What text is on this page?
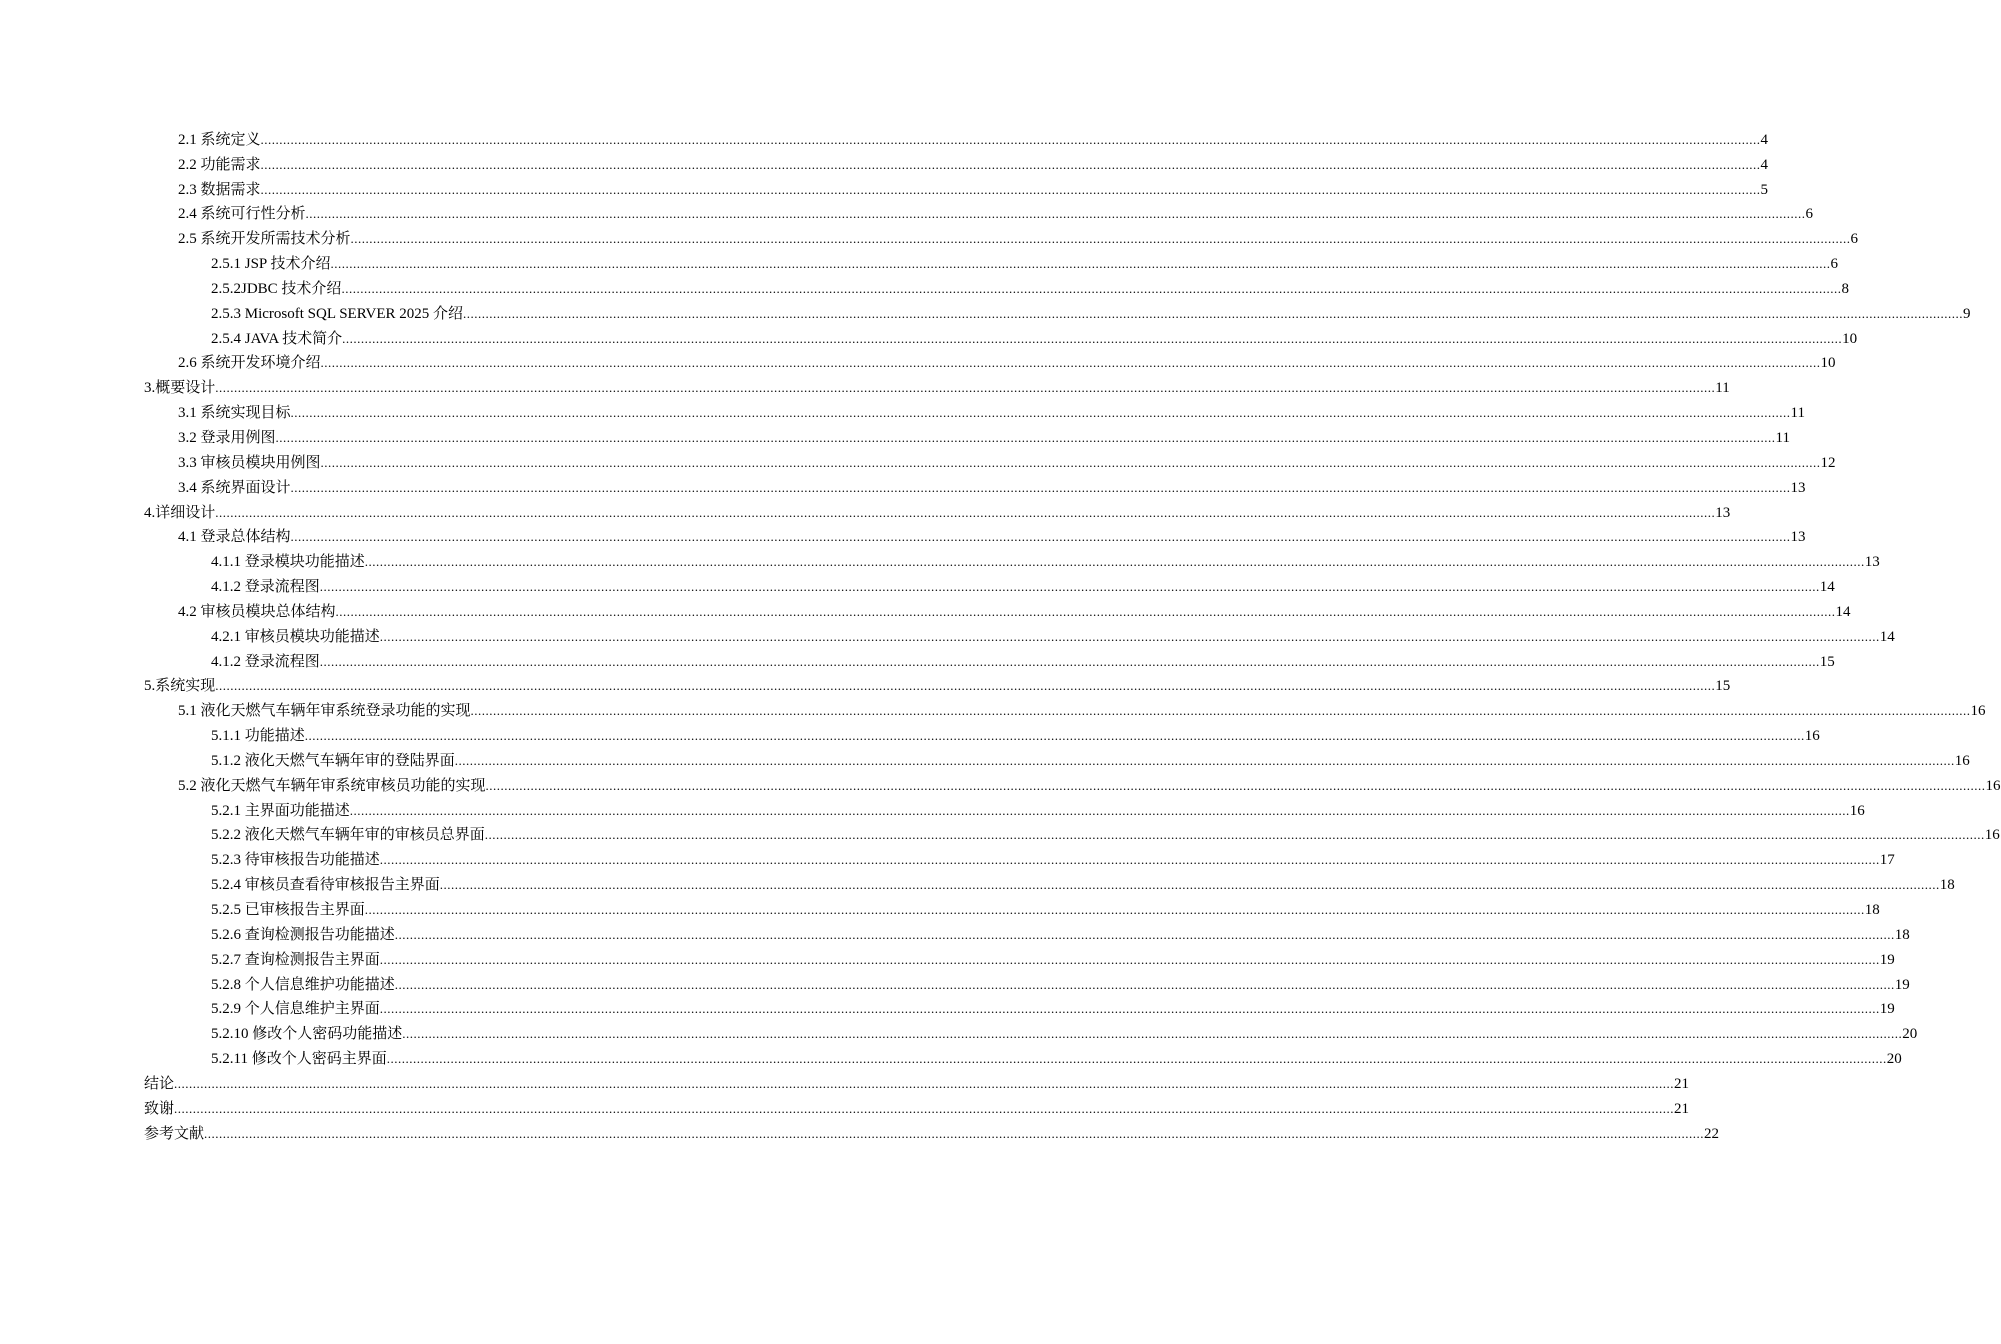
2.1 系统定义 ................................................................................................................................................................................................................................................................................................................................................................................................................ 4
2.2 功能需求 ................................................................................................................................................................................................................................................................................................................................................................................................................ 4
2.3 数据需求 ................................................................................................................................................................................................................................................................................................................................................................................................................ 5
2.4 系统可行性分析 ................................................................................................................................................................................................................................................................................................................................................................................................................ 6
2.5 系统开发所需技术分析 ................................................................................................................................................................................................................................................................................................................................................................................................................ 6
2.5.1 JSP 技术介绍 ................................................................................................................................................................................................................................................................................................................................................................................................................ 6
2.5.2JDBC 技术介绍 ................................................................................................................................................................................................................................................................................................................................................................................................................ 8
2.5.3 Microsoft SQL SERVER 2025 介绍 ................................................................................................................................................................................................................................................................................................................................................................................................................ 9
2.5.4 JAVA 技术简介 ................................................................................................................................................................................................................................................................................................................................................................................................................ 10
2.6 系统开发环境介绍 ................................................................................................................................................................................................................................................................................................................................................................................................................ 10
3.概要设计 ................................................................................................................................................................................................................................................................................................................................................................................................................ 11
3.1 系统实现目标 ................................................................................................................................................................................................................................................................................................................................................................................................................ 11
3.2 登录用例图 ................................................................................................................................................................................................................................................................................................................................................................................................................ 11
3.3 审核员模块用例图 ................................................................................................................................................................................................................................................................................................................................................................................................................ 12
3.4 系统界面设计 ................................................................................................................................................................................................................................................................................................................................................................................................................ 13
4.详细设计 ................................................................................................................................................................................................................................................................................................................................................................................................................ 13
4.1 登录总体结构 ................................................................................................................................................................................................................................................................................................................................................................................................................ 13
4.1.1 登录模块功能描述 ................................................................................................................................................................................................................................................................................................................................................................................................................ 13
4.1.2 登录流程图 ................................................................................................................................................................................................................................................................................................................................................................................................................ 14
4.2 审核员模块总体结构 ................................................................................................................................................................................................................................................................................................................................................................................................................ 14
4.2.1 审核员模块功能描述 ................................................................................................................................................................................................................................................................................................................................................................................................................ 14
4.1.2 登录流程图 ................................................................................................................................................................................................................................................................................................................................................................................................................ 15
5.系统实现 ................................................................................................................................................................................................................................................................................................................................................................................................................ 15
5.1 液化天燃气车辆年审系统登录功能的实现 ................................................................................................................................................................................................................................................................................................................................................................................................................ 16
5.1.1 功能描述 ................................................................................................................................................................................................................................................................................................................................................................................................................ 16
5.1.2 液化天燃气车辆年审的登陆界面 ................................................................................................................................................................................................................................................................................................................................................................................................................ 16
5.2 液化天燃气车辆年审系统审核员功能的实现 ................................................................................................................................................................................................................................................................................................................................................................................................................ 16
5.2.1 主界面功能描述 ................................................................................................................................................................................................................................................................................................................................................................................................................ 16
5.2.2 液化天燃气车辆年审的审核员总界面 ................................................................................................................................................................................................................................................................................................................................................................................................................ 16
5.2.3 待审核报告功能描述 ................................................................................................................................................................................................................................................................................................................................................................................................................ 17
5.2.4 审核员查看待审核报告主界面 ................................................................................................................................................................................................................................................................................................................................................................................................................ 18
5.2.5 已审核报告主界面 ................................................................................................................................................................................................................................................................................................................................................................................................................ 18
5.2.6 查询检测报告功能描述 ................................................................................................................................................................................................................................................................................................................................................................................................................ 18
5.2.7 查询检测报告主界面 ................................................................................................................................................................................................................................................................................................................................................................................................................ 19
5.2.8 个人信息维护功能描述 ................................................................................................................................................................................................................................................................................................................................................................................................................ 19
5.2.9 个人信息维护主界面 ................................................................................................................................................................................................................................................................................................................................................................................................................ 19
5.2.10 修改个人密码功能描述 ................................................................................................................................................................................................................................................................................................................................................................................................................ 20
5.2.11 修改个人密码主界面 ................................................................................................................................................................................................................................................................................................................................................................................................................ 20
结论 ................................................................................................................................................................................................................................................................................................................................................................................................................ 21
致谢 ................................................................................................................................................................................................................................................................................................................................................................................................................ 21
参考文献 ................................................................................................................................................................................................................................................................................................................................................................................................................ 22
